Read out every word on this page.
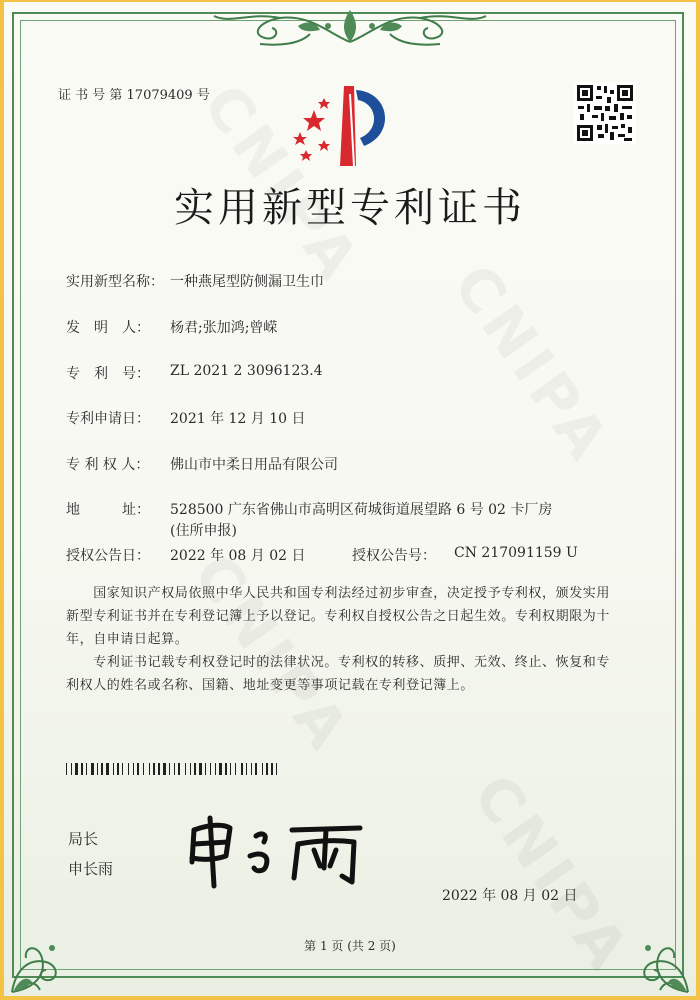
证 书 号 第 17079409 号
实用新型专利证书
实用新型名称： 一种燕尾型防侧漏卫生巾
发　明　人： 杨君;张加鸿;曾嵘
专　利　号： ZL 2021 2 3096123.4
专利申请日： 2021 年 12 月 10 日
专 利 权 人： 佛山市中柔日用品有限公司
地　　　址： 528500 广东省佛山市高明区荷城街道展望路 6 号 02 卡厂房
(住所申报)
授权公告日： 2022 年 08 月 02 日	授权公告号： CN 217091159 U
　　国家知识产权局依照中华人民共和国专利法经过初步审查，决定授予专利权，颁发实用
新型专利证书并在专利登记簿上予以登记。专利权自授权公告之日起生效。专利权期限为十
年，自申请日起算。
　　专利证书记载专利权登记时的法律状况。专利权的转移、质押、无效、终止、恢复和专
利权人的姓名或名称、国籍、地址变更等事项记载在专利登记簿上。
局长
申长雨
2022 年 08 月 02 日
第 1 页 (共 2 页)
